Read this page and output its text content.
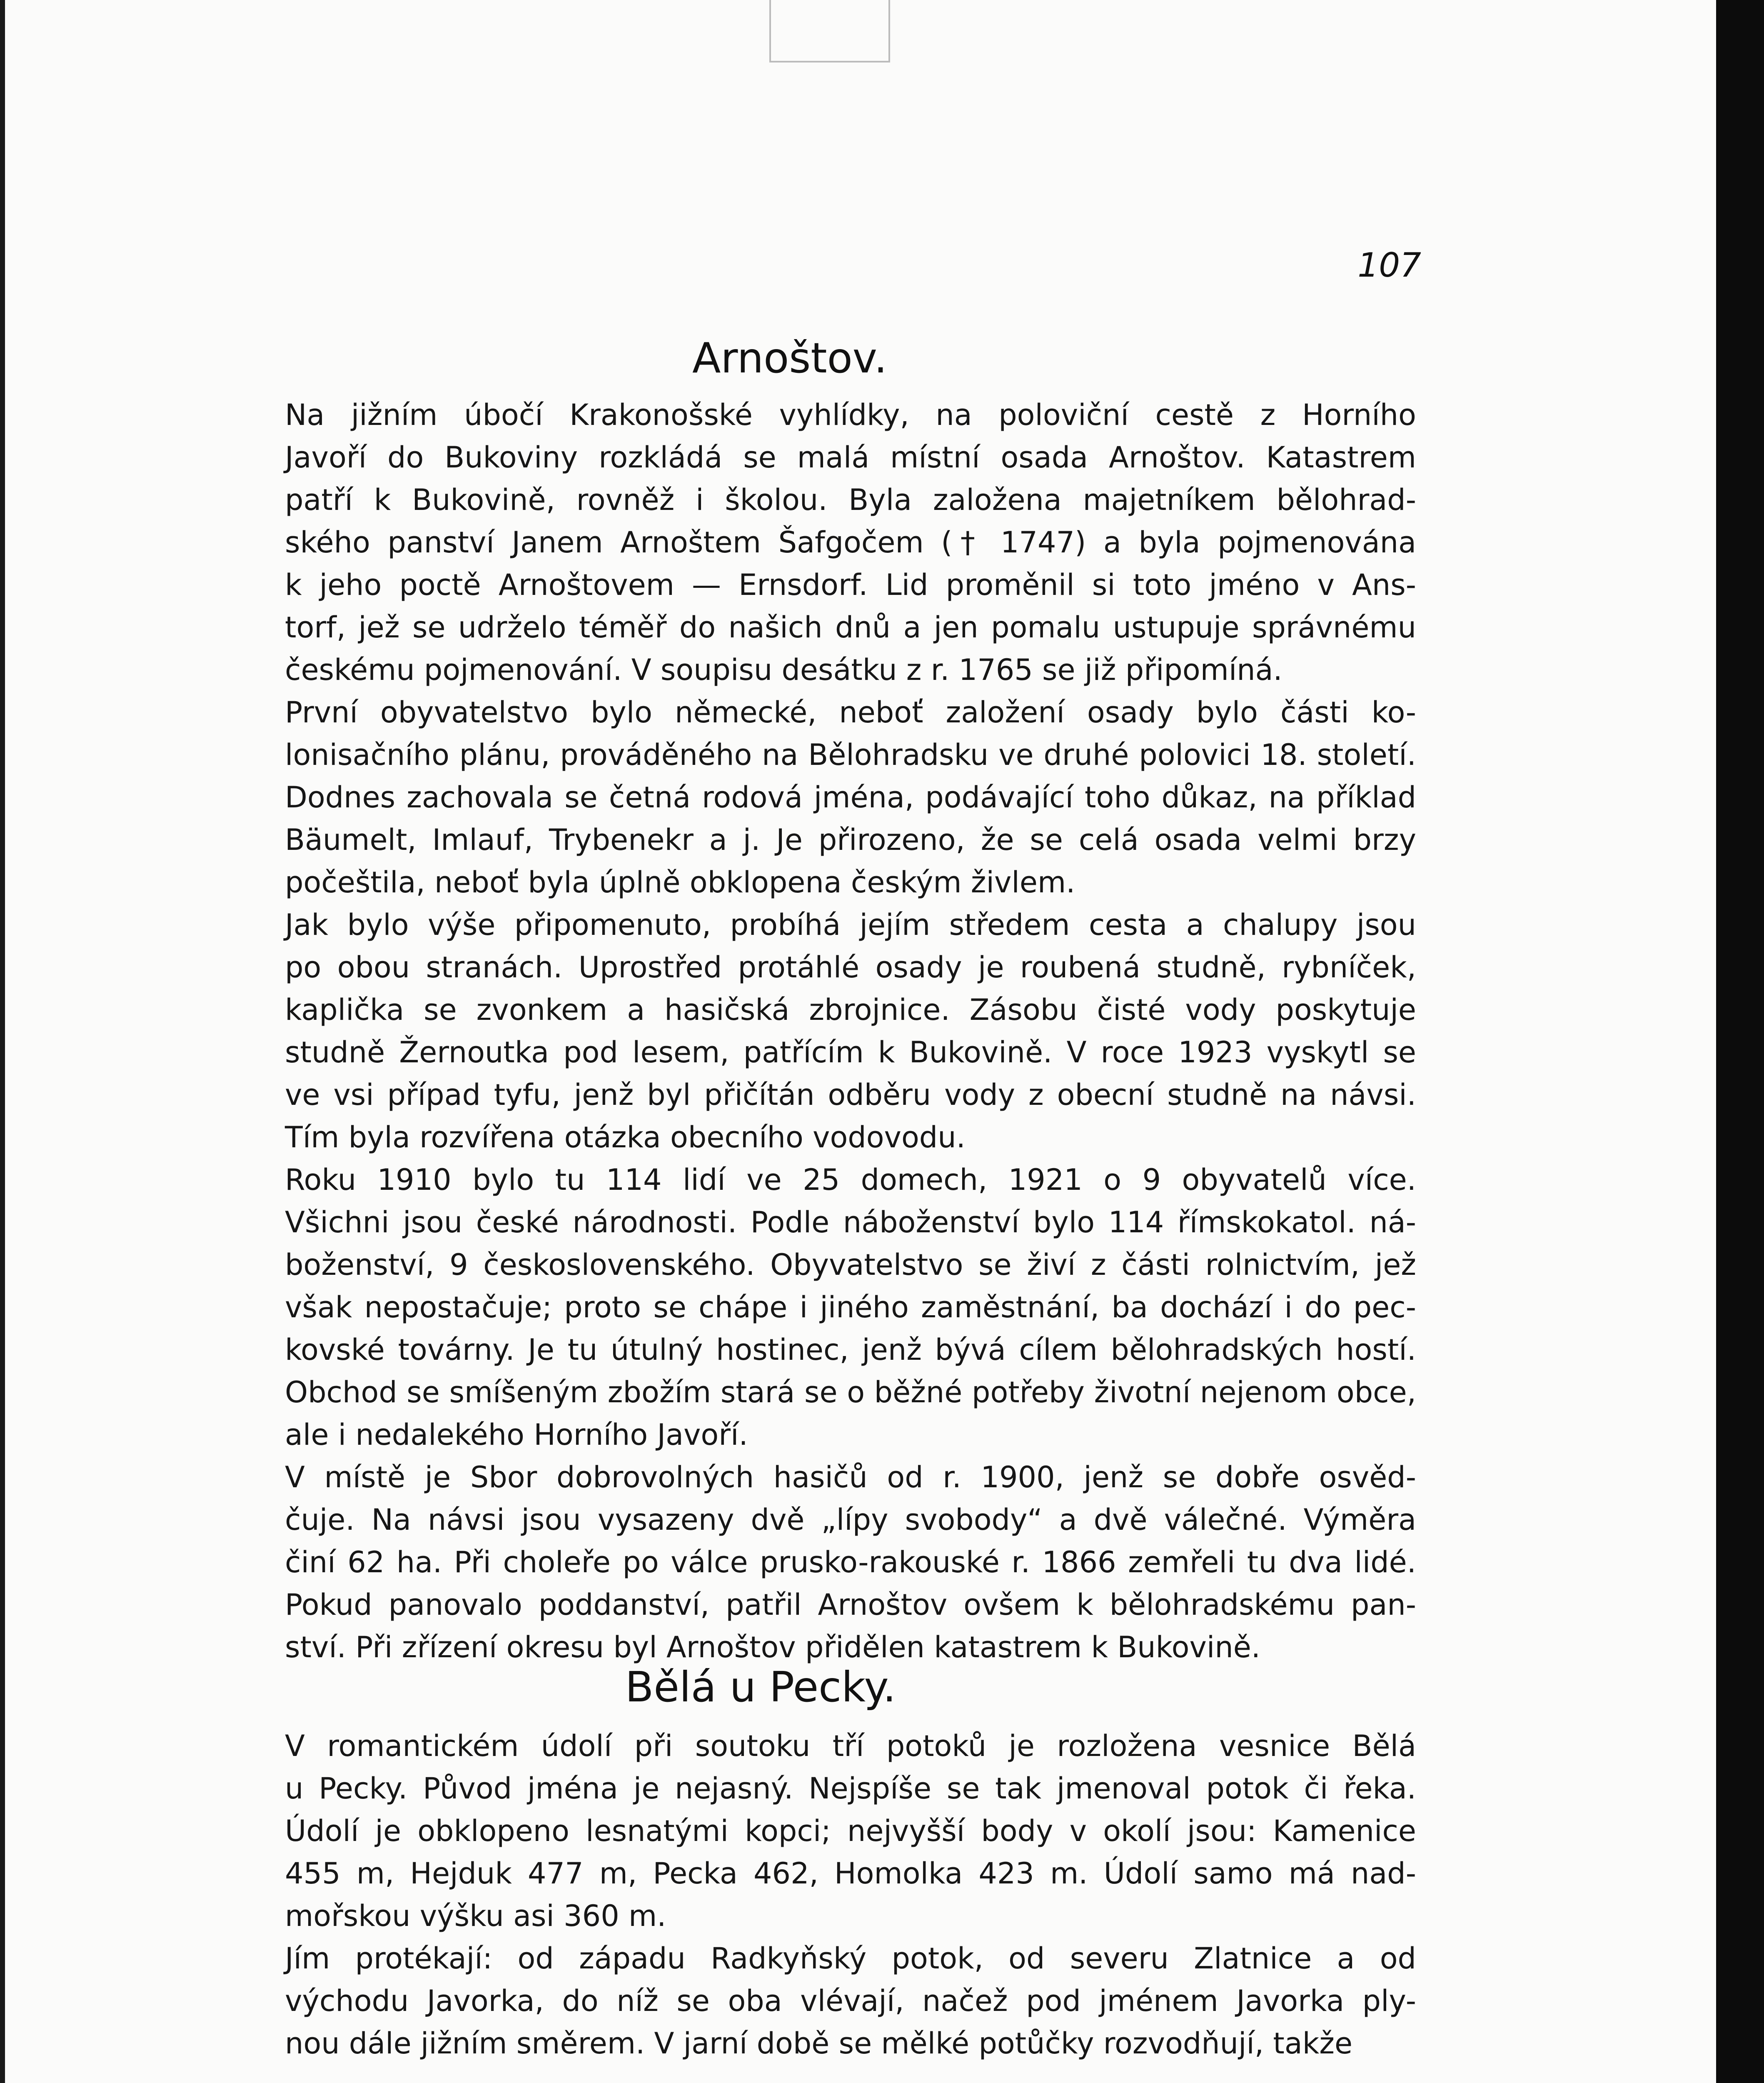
107
Arnoštov.
Na jižním úbočí Krakonošské vyhlídky, na poloviční cestě z Horního
Javoří do Bukoviny rozkládá se malá místní osada Arnoštov. Katastrem
patří k Bukovině, rovněž i školou. Byla založena majetníkem bělohrad-
ského panství Janem Arnoštem Šafgočem († 1747) a byla pojmenována
k jeho poctě Arnoštovem — Ernsdorf. Lid proměnil si toto jméno v Ans-
torf, jež se udrželo téměř do našich dnů a jen pomalu ustupuje správnému
českému pojmenování. V soupisu desátku z r. 1765 se již připomíná.
První obyvatelstvo bylo německé, neboť založení osady bylo části ko-
lonisačního plánu, prováděného na Bělohradsku ve druhé polovici 18. století.
Dodnes zachovala se četná rodová jména, podávající toho důkaz, na příklad
Bäumelt, Imlauf, Trybenekr a j. Je přirozeno, že se celá osada velmi brzy
počeštila, neboť byla úplně obklopena českým živlem.
Jak bylo výše připomenuto, probíhá jejím středem cesta a chalupy jsou
po obou stranách. Uprostřed protáhlé osady je roubená studně, rybníček,
kaplička se zvonkem a hasičská zbrojnice. Zásobu čisté vody poskytuje
studně Žernoutka pod lesem, patřícím k Bukovině. V roce 1923 vyskytl se
ve vsi případ tyfu, jenž byl přičítán odběru vody z obecní studně na návsi.
Tím byla rozvířena otázka obecního vodovodu.
Roku 1910 bylo tu 114 lidí ve 25 domech, 1921 o 9 obyvatelů více.
Všichni jsou české národnosti. Podle náboženství bylo 114 římskokatol. ná-
boženství, 9 československého. Obyvatelstvo se živí z části rolnictvím, jež
však nepostačuje; proto se chápe i jiného zaměstnání, ba dochází i do pec-
kovské továrny. Je tu útulný hostinec, jenž bývá cílem bělohradských hostí.
Obchod se smíšeným zbožím stará se o běžné potřeby životní nejenom obce,
ale i nedalekého Horního Javoří.
V místě je Sbor dobrovolných hasičů od r. 1900, jenž se dobře osvěd-
čuje. Na návsi jsou vysazeny dvě „lípy svobody“ a dvě válečné. Výměra
činí 62 ha. Při choleře po válce prusko-rakouské r. 1866 zemřeli tu dva lidé.
Pokud panovalo poddanství, patřil Arnoštov ovšem k bělohradskému pan-
ství. Při zřízení okresu byl Arnoštov přidělen katastrem k Bukovině.
Bělá u Pecky.
V romantickém údolí při soutoku tří potoků je rozložena vesnice Bělá
u Pecky. Původ jména je nejasný. Nejspíše se tak jmenoval potok či řeka.
Údolí je obklopeno lesnatými kopci; nejvyšší body v okolí jsou: Kamenice
455 m, Hejduk 477 m, Pecka 462, Homolka 423 m. Údolí samo má nad-
mořskou výšku asi 360 m.
Jím protékají: od západu Radkyňský potok, od severu Zlatnice a od
východu Javorka, do níž se oba vlévají, načež pod jménem Javorka ply-
nou dále jižním směrem. V jarní době se mělké potůčky rozvodňují, takže
